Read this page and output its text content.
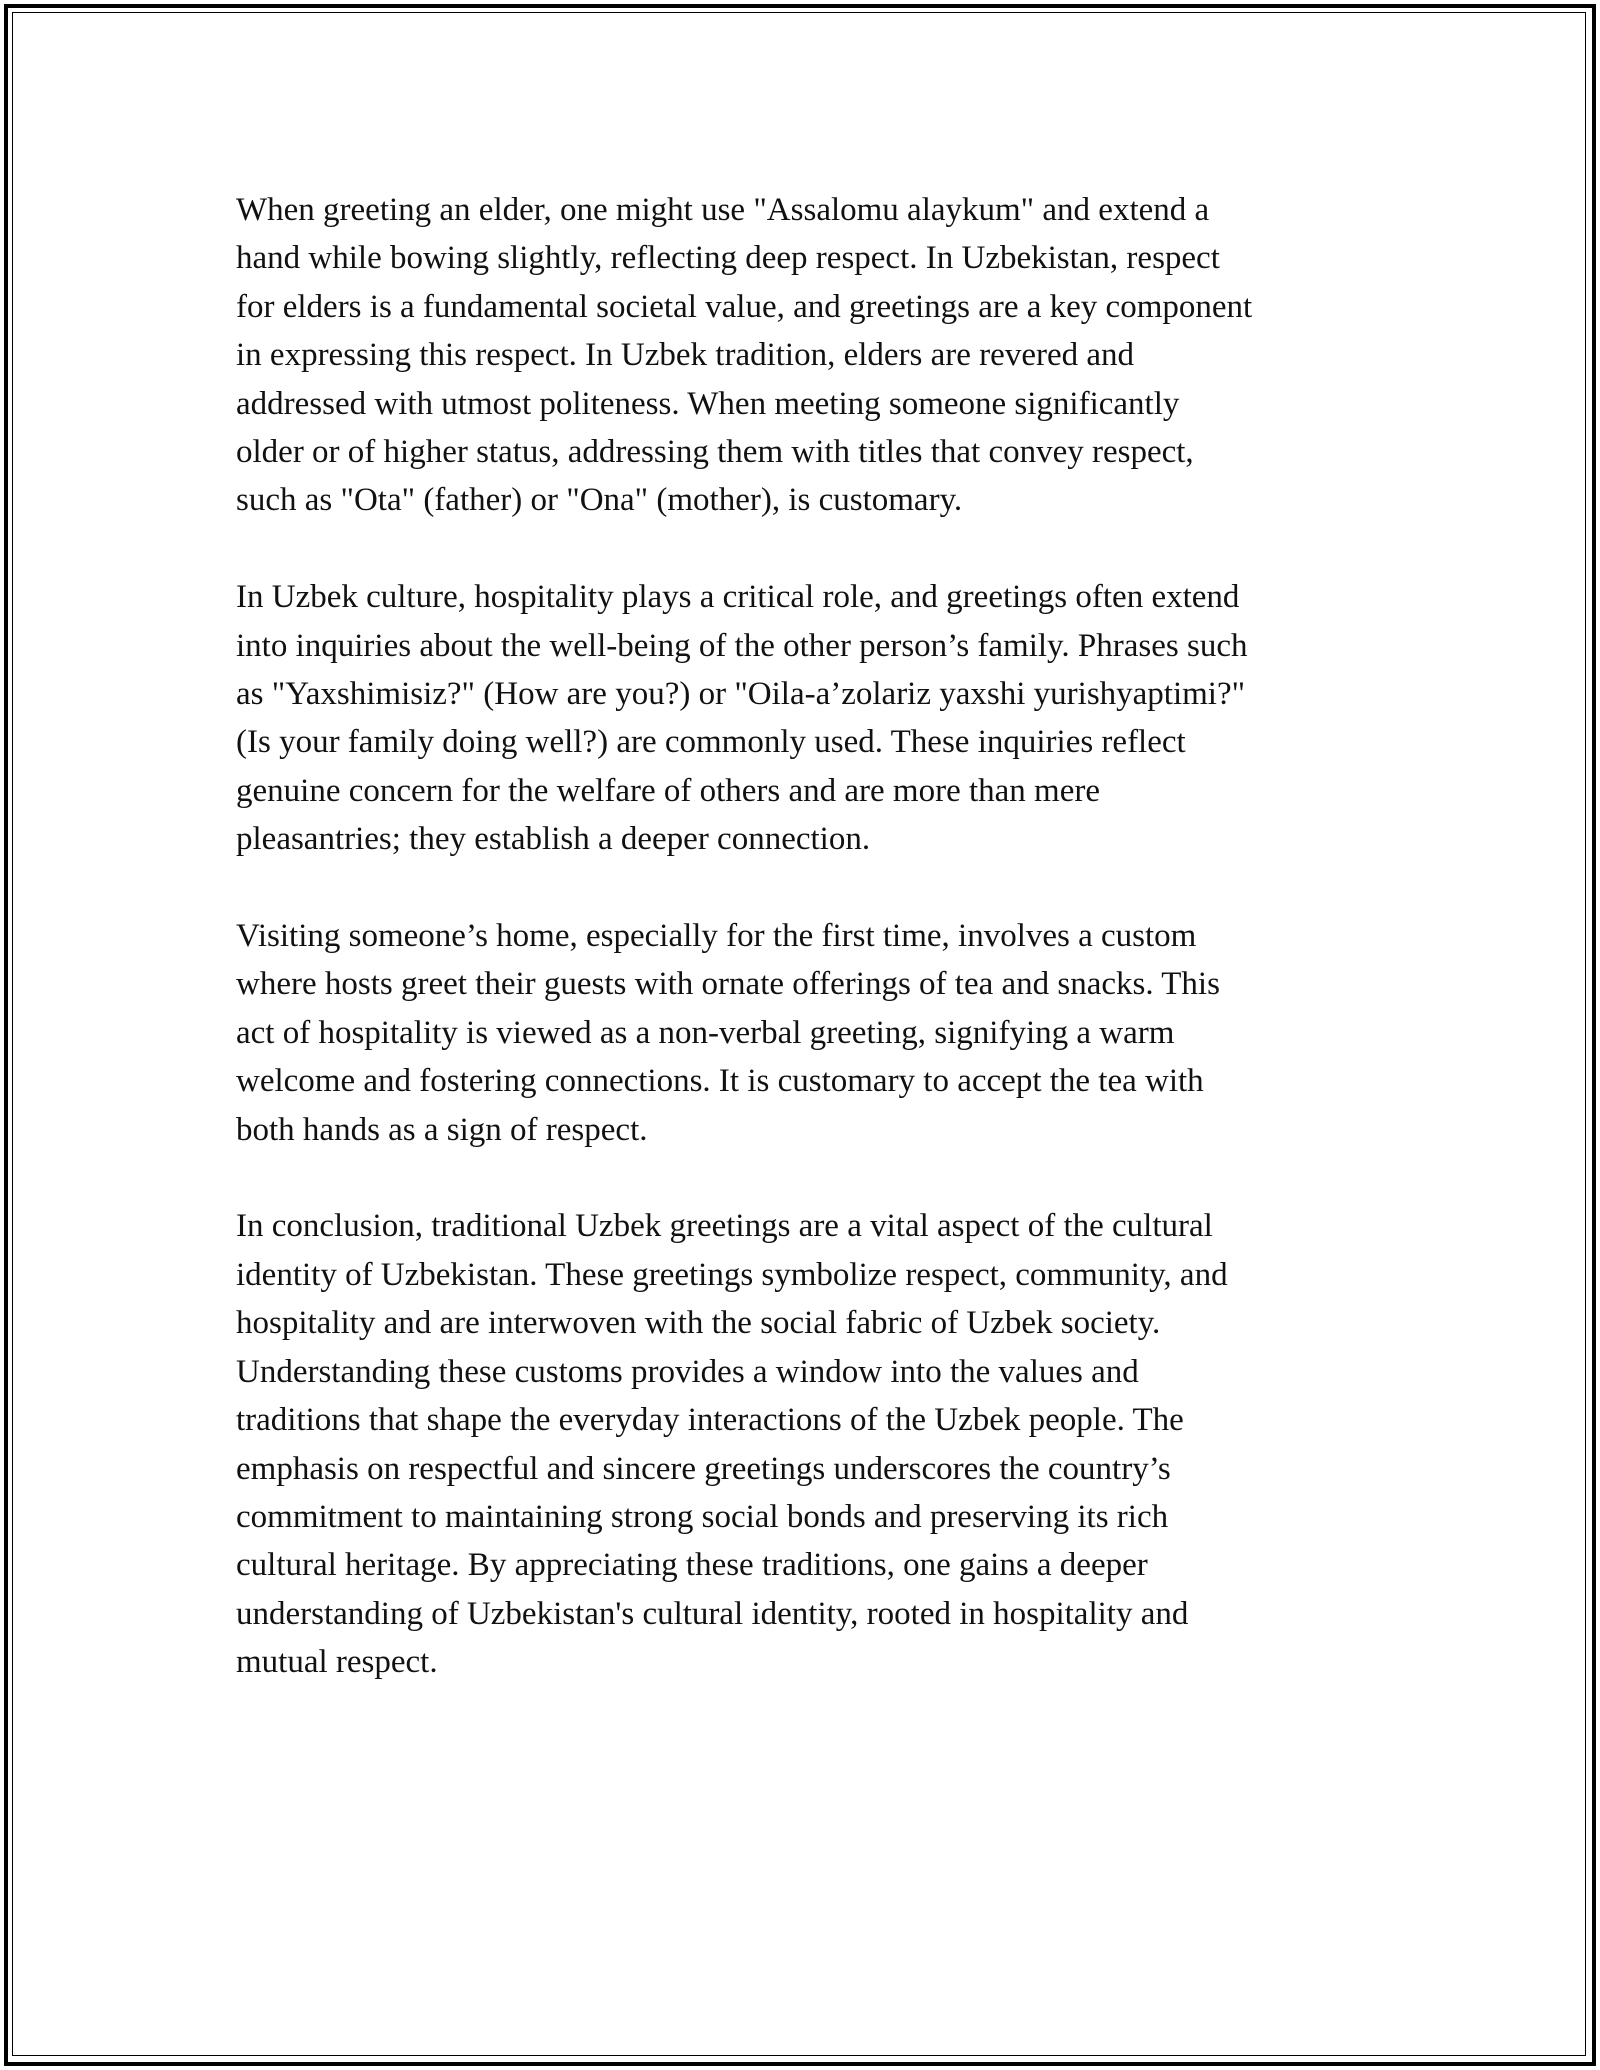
When greeting an elder, one might use "Assalomu alaykum" and extend a
hand while bowing slightly, reflecting deep respect. In Uzbekistan, respect
for elders is a fundamental societal value, and greetings are a key component
in expressing this respect. In Uzbek tradition, elders are revered and
addressed with utmost politeness. When meeting someone significantly
older or of higher status, addressing them with titles that convey respect,
such as "Ota" (father) or "Ona" (mother), is customary.

In Uzbek culture, hospitality plays a critical role, and greetings often extend
into inquiries about the well-being of the other person’s family. Phrases such
as "Yaxshimisiz?" (How are you?) or "Oila-a’zolariz yaxshi yurishyaptimi?"
(Is your family doing well?) are commonly used. These inquiries reflect
genuine concern for the welfare of others and are more than mere
pleasantries; they establish a deeper connection.

Visiting someone’s home, especially for the first time, involves a custom
where hosts greet their guests with ornate offerings of tea and snacks. This
act of hospitality is viewed as a non-verbal greeting, signifying a warm
welcome and fostering connections. It is customary to accept the tea with
both hands as a sign of respect.

In conclusion, traditional Uzbek greetings are a vital aspect of the cultural
identity of Uzbekistan. These greetings symbolize respect, community, and
hospitality and are interwoven with the social fabric of Uzbek society.
Understanding these customs provides a window into the values and
traditions that shape the everyday interactions of the Uzbek people. The
emphasis on respectful and sincere greetings underscores the country’s
commitment to maintaining strong social bonds and preserving its rich
cultural heritage. By appreciating these traditions, one gains a deeper
understanding of Uzbekistan's cultural identity, rooted in hospitality and
mutual respect.
